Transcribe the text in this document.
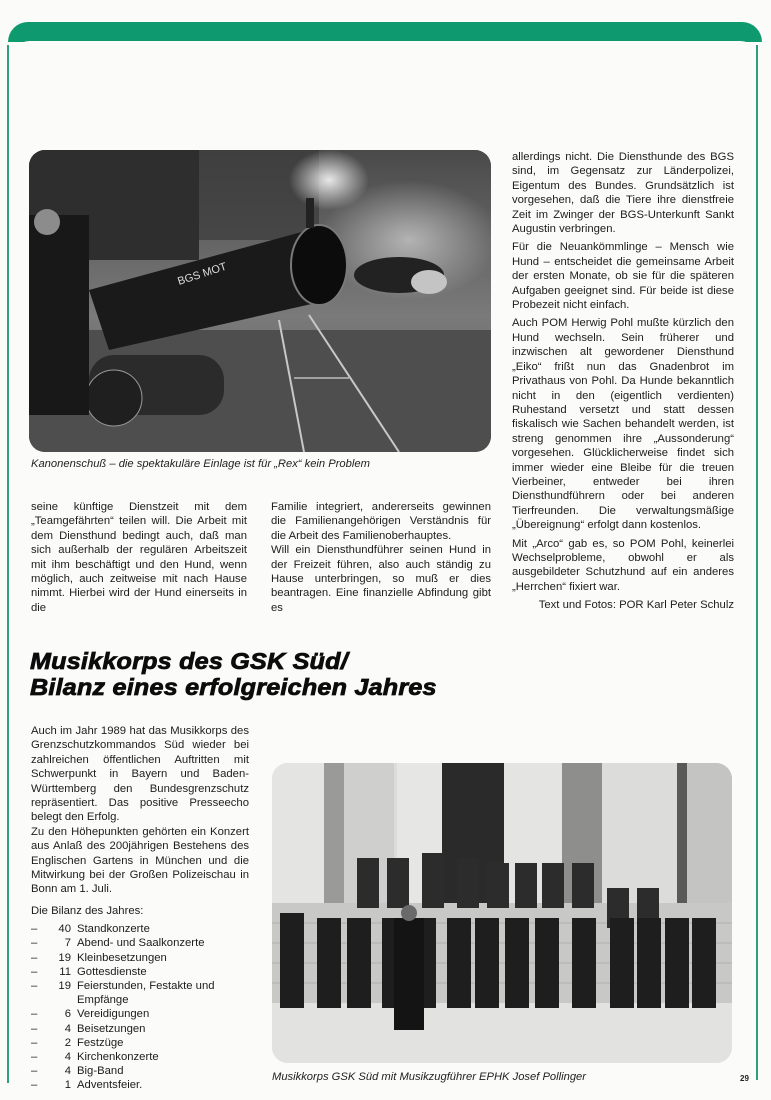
BGS MOT
Kanonenschuß – die spektakuläre Einlage ist für „Rex“ kein Problem

seine künftige Dienstzeit mit dem „Teamgefährten“ teilen will. Die Arbeit mit dem Diensthund bedingt auch, daß man sich außerhalb der regulären Arbeitszeit mit ihm beschäftigt und den Hund, wenn möglich, auch zeitweise mit nach Hause nimmt. Hierbei wird der Hund einerseits in die

Familie integriert, andererseits gewinnen die Familienangehörigen Verständnis für die Arbeit des Familienoberhauptes.

Will ein Diensthundführer seinen Hund in der Freizeit führen, also auch ständig zu Hause unterbringen, so muß er dies beantragen. Eine finanzielle Abfindung gibt es

allerdings nicht. Die Diensthunde des BGS sind, im Gegensatz zur Länderpolizei, Eigentum des Bundes. Grundsätzlich ist vorgesehen, daß die Tiere ihre dienstfreie Zeit im Zwinger der BGS-Unterkunft Sankt Augustin verbringen.

Für die Neuankömmlinge – Mensch wie Hund – entscheidet die gemeinsame Arbeit der ersten Monate, ob sie für die späteren Aufgaben geeignet sind. Für beide ist diese Probezeit nicht einfach.

Auch POM Herwig Pohl mußte kürzlich den Hund wechseln. Sein früherer und inzwischen alt gewordener Diensthund „Eiko“ frißt nun das Gnadenbrot im Privathaus von Pohl. Da Hunde bekanntlich nicht in den (eigentlich verdienten) Ruhestand versetzt und statt dessen fiskalisch wie Sachen behandelt werden, ist streng genommen ihre „Aussonderung“ vorgesehen. Glücklicherweise findet sich immer wieder eine Bleibe für die treuen Vierbeiner, entweder bei ihren Diensthundführern oder bei anderen Tierfreunden. Die verwaltungsmäßige „Übereignung“ erfolgt dann kostenlos.

Mit „Arco“ gab es, so POM Pohl, keinerlei Wechselprobleme, obwohl er als ausgebildeter Schutzhund auf ein anderes „Herrchen“ fixiert war.

Text und Fotos: POR Karl Peter Schulz

Musikkorps des GSK Süd/
Bilanz eines erfolgreichen Jahres

Auch im Jahr 1989 hat das Musikkorps des Grenzschutzkommandos Süd wieder bei zahlreichen öffentlichen Auftritten mit Schwerpunkt in Bayern und Baden-Württemberg den Bundesgrenzschutz repräsentiert. Das positive Presseecho belegt den Erfolg.

Zu den Höhepunkten gehörten ein Konzert aus Anlaß des 200jährigen Bestehens des Englischen Gartens in München und die Mitwirkung bei der Großen Polizeischau in Bonn am 1. Juli.

Die Bilanz des Jahres:
–	40 Standkonzerte
–	7 Abend- und Saalkonzerte
–	19 Kleinbesetzungen
–	11 Gottesdienste
–	19 Feierstunden, Festakte und Empfänge
–	6 Vereidigungen
–	4 Beisetzungen
–	2 Festzüge
–	4 Kirchenkonzerte
–	4 Big-Band
–	1 Adventsfeier.
Musikkorps GSK Süd mit Musikzugführer EPHK Josef Pollinger	29
